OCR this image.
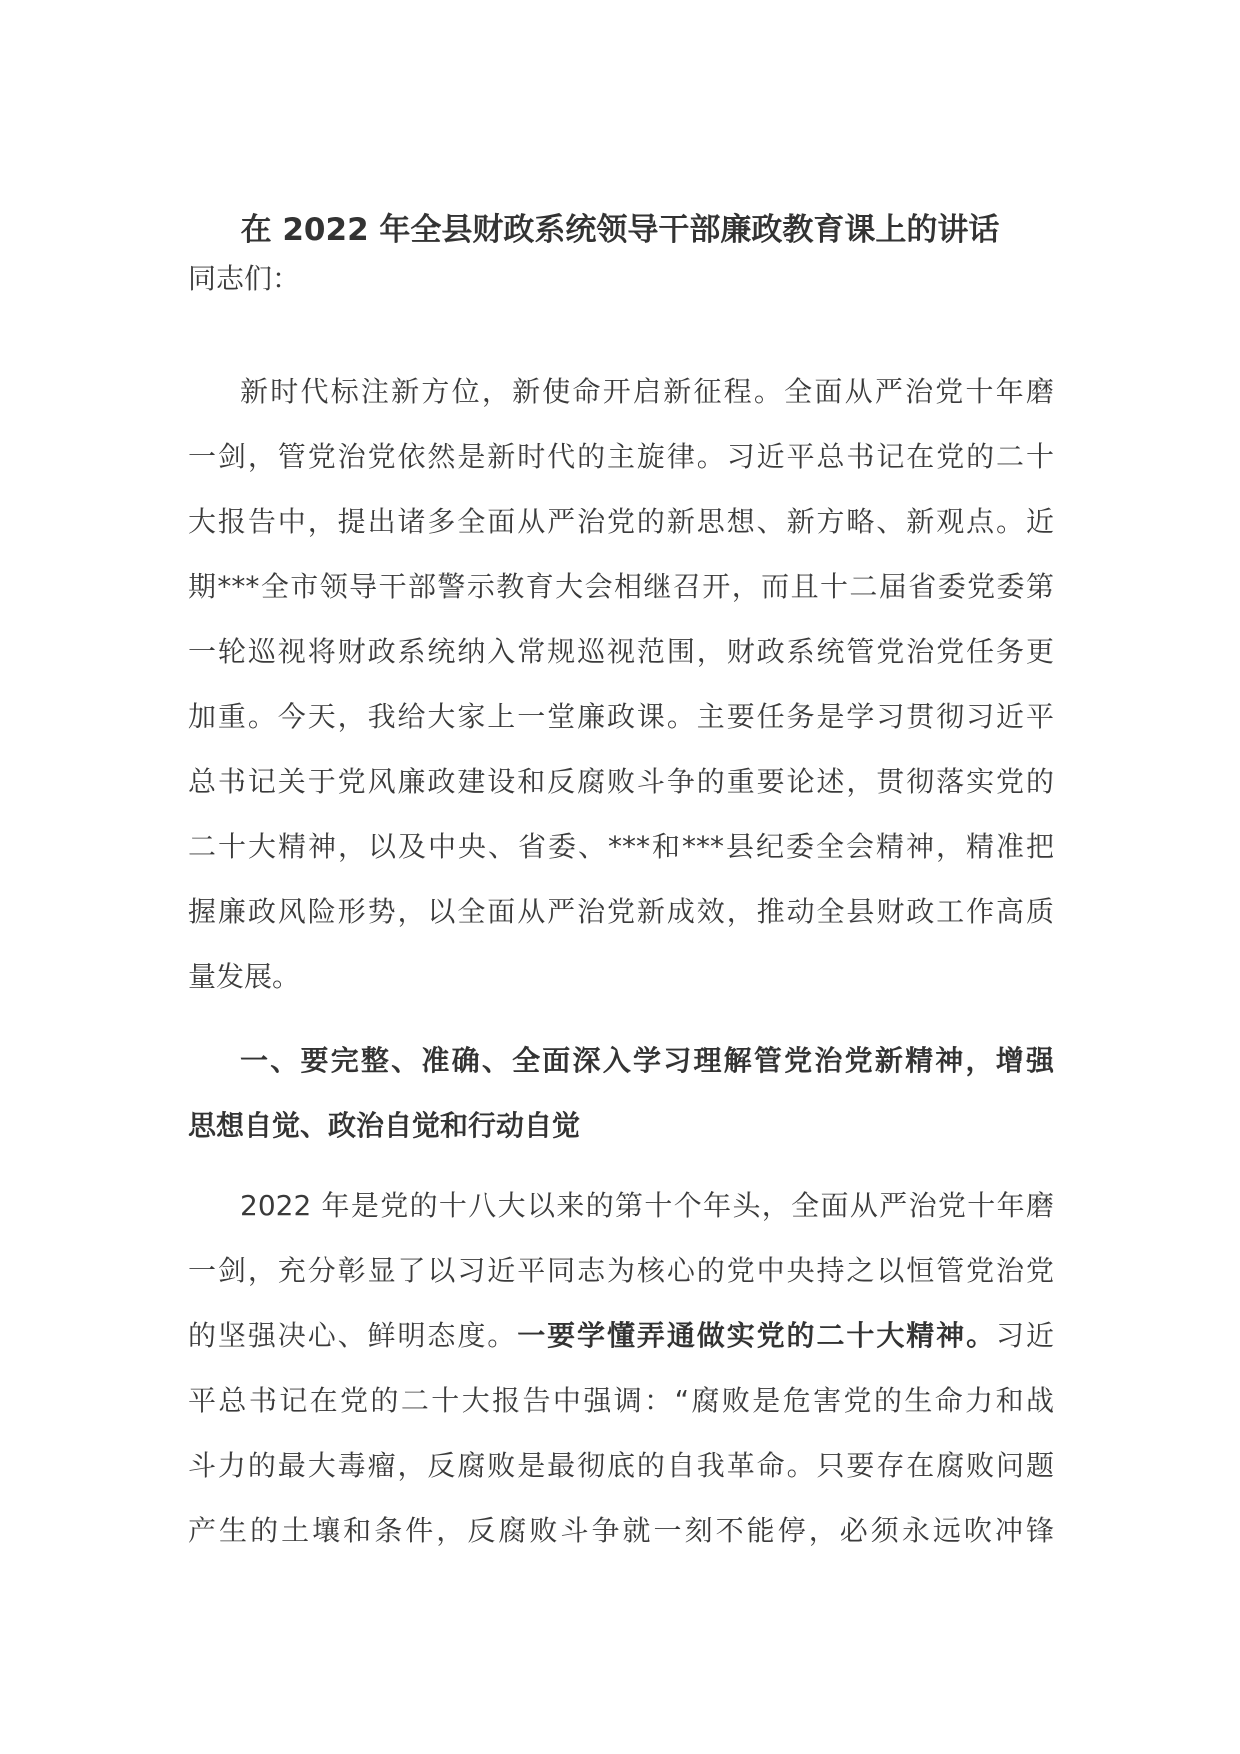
在 2022 年全县财政系统领导干部廉政教育课上的讲话
同志们：
新时代标注新方位，新使命开启新征程。全面从严治党十年磨
一剑，管党治党依然是新时代的主旋律。习近平总书记在党的二十
大报告中，提出诸多全面从严治党的新思想、新方略、新观点。近
期***全市领导干部警示教育大会相继召开，而且十二届省委党委第
一轮巡视将财政系统纳入常规巡视范围，财政系统管党治党任务更
加重。今天，我给大家上一堂廉政课。主要任务是学习贯彻习近平
总书记关于党风廉政建设和反腐败斗争的重要论述，贯彻落实党的
二十大精神，以及中央、省委、***和***县纪委全会精神，精准把
握廉政风险形势，以全面从严治党新成效，推动全县财政工作高质
量发展。
一、要完整、准确、全面深入学习理解管党治党新精神，增强
思想自觉、政治自觉和行动自觉
2022 年是党的十八大以来的第十个年头，全面从严治党十年磨
一剑，充分彰显了以习近平同志为核心的党中央持之以恒管党治党
的坚强决心、鲜明态度。一要学懂弄通做实党的二十大精神。习近
平总书记在党的二十大报告中强调：“腐败是危害党的生命力和战
斗力的最大毒瘤，反腐败是最彻底的自我革命。只要存在腐败问题
产生的土壤和条件，反腐败斗争就一刻不能停，必须永远吹冲锋
